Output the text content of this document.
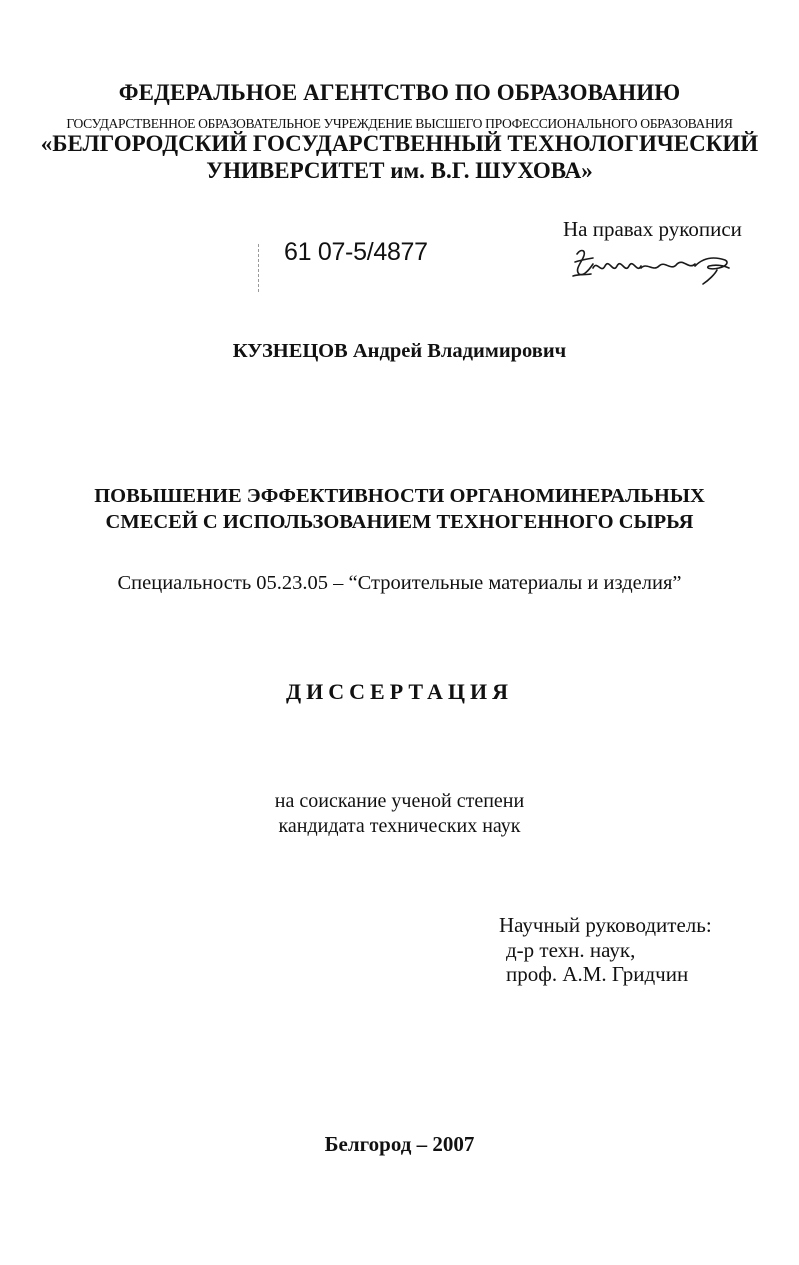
ФЕДЕРАЛЬНОЕ АГЕНТСТВО ПО ОБРАЗОВАНИЮ
ГОСУДАРСТВЕННОЕ ОБРАЗОВАТЕЛЬНОЕ УЧРЕЖДЕНИЕ ВЫСШЕГО ПРОФЕССИОНАЛЬНОГО ОБРАЗОВАНИЯ
«БЕЛГОРОДСКИЙ ГОСУДАРСТВЕННЫЙ ТЕХНОЛОГИЧЕСКИЙ
УНИВЕРСИТЕТ им. В.Г. ШУХОВА»
На правах рукописи
61 07-5/4877
КУЗНЕЦОВ Андрей Владимирович
ПОВЫШЕНИЕ ЭФФЕКТИВНОСТИ ОРГАНОМИНЕРАЛЬНЫХ
СМЕСЕЙ С ИСПОЛЬЗОВАНИЕМ ТЕХНОГЕННОГО СЫРЬЯ
Специальность 05.23.05 – “Строительные материалы и изделия”
ДИССЕРТАЦИЯ
на соискание ученой степени
кандидата технических наук
Научный руководитель:
д-р техн. наук,
проф. А.М. Гридчин
Белгород – 2007
